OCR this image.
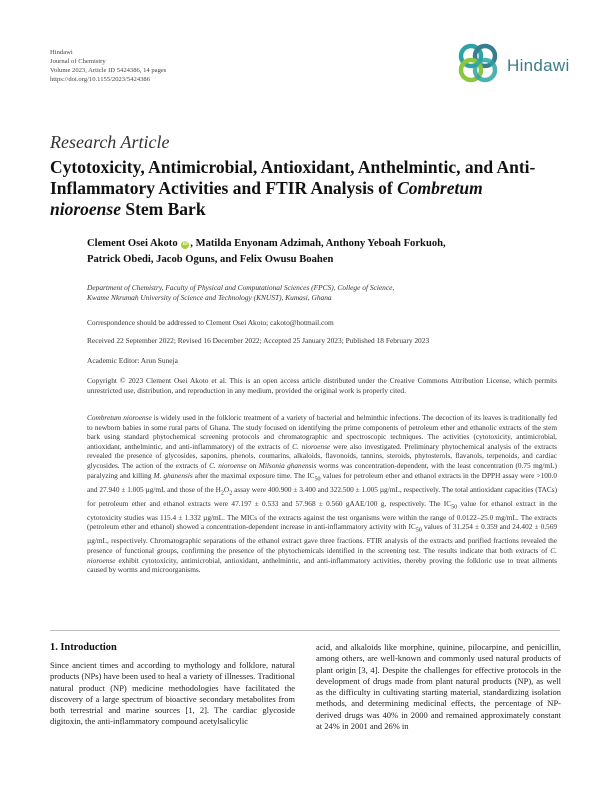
Hindawi
Journal of Chemistry
Volume 2023, Article ID 5424386, 14 pages
https://doi.org/10.1155/2023/5424386
Hindawi
Research Article
Cytotoxicity, Antimicrobial, Antioxidant, Anthelmintic, and Anti-
Inflammatory Activities and FTIR Analysis of Combretum
nioroense Stem Bark
Clement Osei Akoto iD , Matilda Enyonam Adzimah, Anthony Yeboah Forkuoh,
Patrick Obedi, Jacob Oguns, and Felix Owusu Boahen
Department of Chemistry, Faculty of Physical and Computational Sciences (FPCS), College of Science,
Kwame Nkrumah University of Science and Technology (KNUST), Kumasi, Ghana
Correspondence should be addressed to Clement Osei Akoto; cakoto@hotmail.com
Received 22 September 2022; Revised 16 December 2022; Accepted 25 January 2023; Published 18 February 2023
Academic Editor: Arun Suneja
Copyright © 2023 Clement Osei Akoto et al. This is an open access article distributed under the Creative Commons Attribution License, which permits unrestricted use, distribution, and reproduction in any medium, provided the original work is properly cited.
Combretum nioroense is widely used in the folkloric treatment of a variety of bacterial and helminthic infections. The decoction of its leaves is traditionally fed to newborn babies in some rural parts of Ghana. The study focused on identifying the prime components of petroleum ether and ethanolic extracts of the stem bark using standard phytochemical screening protocols and chromatographic and spectroscopic techniques. The activities (cytotoxicity, antimicrobial, antioxidant, anthelmintic, and anti-inflammatory) of the extracts of C. nioroense were also investigated. Preliminary phytochemical analysis of the extracts revealed the presence of glycosides, saponins, phenols, coumarins, alkaloids, flavonoids, tannins, steroids, phytosterols, flavanols, terpenoids, and cardiac glycosides. The action of the extracts of C. nioroense on Milsonia ghanensis worms was concentration-dependent, with the least concentration (0.75 mg/mL) paralyzing and killing M. ghanensis after the maximal exposure time. The $IC_{50}$ values for petroleum ether and ethanol extracts in the DPPH assay were >100.0 and 27.940 ± 1.005 µg/mL and those of the $H_2O_2$ assay were 400.900 ± 3.400 and 322.500 ± 1.005 µg/mL, respectively. The total antioxidant capacities (TACs) for petroleum ether and ethanol extracts were 47.197 ± 0.533 and 57.968 ± 0.560 gAAE/100 g, respectively. The $IC_{50}$ value for ethanol extract in the cytotoxicity studies was 115.4 ± 1.332 µg/mL. The MICs of the extracts against the test organisms were within the range of 0.0122–25.0 mg/mL. The extracts (petroleum ether and ethanol) showed a concentration-dependent increase in anti-inflammatory activity with $IC_{50}$ values of 31.254 ± 0.359 and 24.402 ± 0.569 µg/mL, respectively. Chromatographic separations of the ethanol extract gave three fractions. FTIR analysis of the extracts and purified fractions revealed the presence of functional groups, confirming the presence of the phytochemicals identified in the screening test. The results indicate that both extracts of C. nioroense exhibit cytotoxicity, antimicrobial, antioxidant, anthelmintic, and anti-inflammatory activities, thereby proving the folkloric use to treat ailments caused by worms and microorganisms.
1. Introduction
Since ancient times and according to mythology and folklore, natural products (NPs) have been used to heal a variety of illnesses. Traditional natural product (NP) medicine methodologies have facilitated the discovery of a large spectrum of bioactive secondary metabolites from both terrestrial and marine sources [1, 2]. The cardiac glycoside digitoxin, the anti-inflammatory compound acetylsalicylic
acid, and alkaloids like morphine, quinine, pilocarpine, and penicillin, among others, are well-known and commonly used natural products of plant origin [3, 4]. Despite the challenges for effective protocols in the development of drugs made from plant natural products (NP), as well as the difficulty in cultivating starting material, standardizing isolation methods, and determining medicinal effects, the percentage of NP-derived drugs was 40% in 2000 and remained approximately constant at 24% in 2001 and 26% in
